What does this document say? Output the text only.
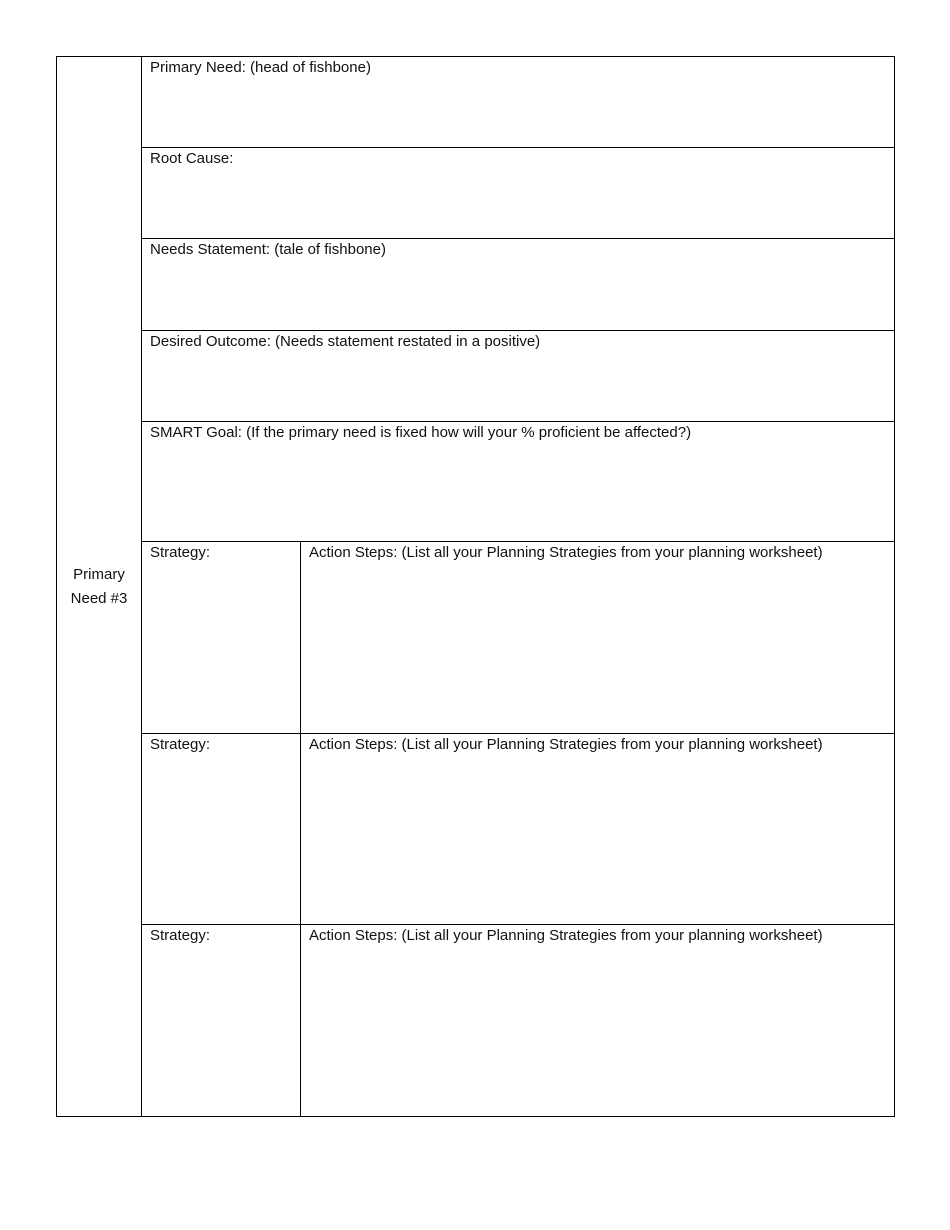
Primary
Need #3	Primary Need: (head of fishbone)	
	Root Cause:	
	Needs Statement: (tale of fishbone)	
	Desired Outcome: (Needs statement restated in a positive)	
	SMART Goal: (If the primary need is fixed how will your % proficient be affected?)	
	Strategy:	Action Steps: (List all your Planning Strategies from your planning worksheet)
	Strategy:	Action Steps: (List all your Planning Strategies from your planning worksheet)
	Strategy:	Action Steps: (List all your Planning Strategies from your planning worksheet)
